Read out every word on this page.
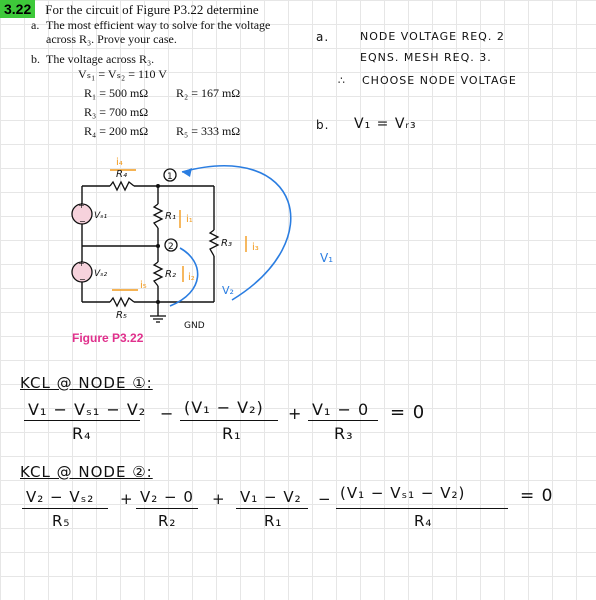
3.22 For the circuit of Figure P3.22 determine
a. The most efficient way to solve for the voltage
across R₃. Prove your case.
b. The voltage across R₃.
Vₛ₁ = Vₛ₂ = 110 V
R₁ = 500 mΩ R₂ = 167 mΩ
R₃ = 700 mΩ
R₄ = 200 mΩ R₅ = 333 mΩ
a.	NODE VOLTAGE REQ. 2
EQNS. MESH REQ. 3.
∴ CHOOSE NODE VOLTAGE
b. V₁ = Vᵣ₃
+
−
+
−
R₄
R₁
R₂
R₃
R₅
Vₛ₁
Vₛ₂
1
2
i₄
i₁
i₃
i₂
i₅
V₁
V₂
GND
Figure P3.22
KCL @ NODE ①:
V₁ − Vₛ₁ − V₂
R₄
− (V₁ − V₂)
R₁
+ V₁ − 0
R₃
= 0
KCL @ NODE ②:
V₂ − Vₛ₂
R₅
+ V₂ − 0
R₂
+ V₁ − V₂
R₁
− (V₁ − Vₛ₁ − V₂)
R₄
= 0
